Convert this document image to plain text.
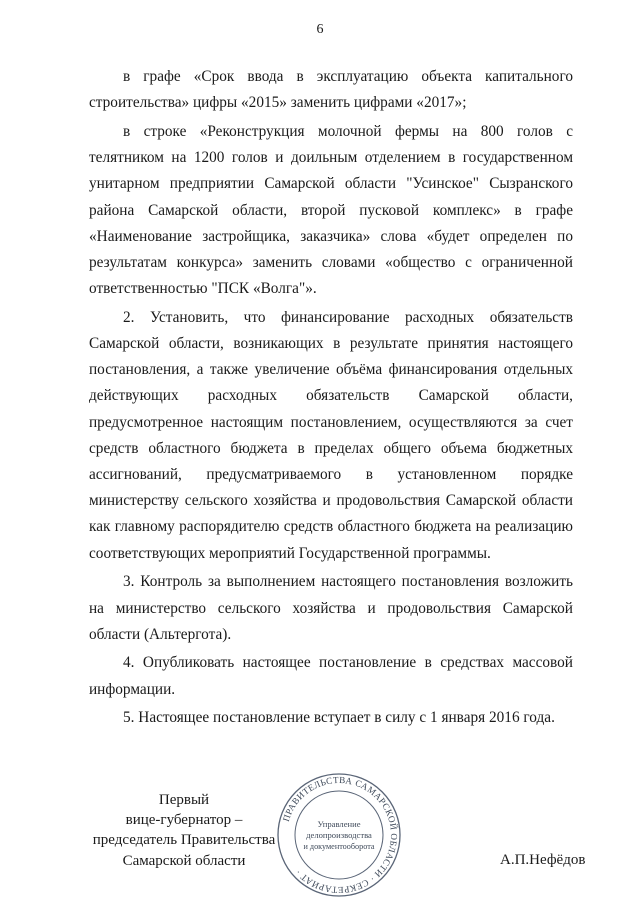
6

в графе «Срок ввода в эксплуатацию объекта капитального строительства» цифры «2015» заменить цифрами «2017»;

в строке «Реконструкция молочной фермы на 800 голов с телятником на 1200 голов и доильным отделением в государственном унитарном предприятии Самарской области "Усинское" Сызранского района Самарской области, второй пусковой комплекс» в графе «Наименование застройщика, заказчика» слова «будет определен по результатам конкурса» заменить словами «общество с ограниченной ответственностью "ПСК «Волга"».

2. Установить, что финансирование расходных обязательств Самарской области, возникающих в результате принятия настоящего постановления, а также увеличение объёма финансирования отдельных действующих расходных обязательств Самарской области, предусмотренное настоящим постановлением, осуществляются за счет средств областного бюджета в пределах общего объема бюджетных ассигнований, предусматриваемого в установленном порядке министерству сельского хозяйства и продовольствия Самарской области как главному распорядителю средств областного бюджета на реализацию соответствующих мероприятий Государственной программы.

3. Контроль за выполнением настоящего постановления возложить на министерство сельского хозяйства и продовольствия Самарской области (Альтергота).

4. Опубликовать настоящее постановление в средствах массовой информации.

5. Настоящее постановление вступает в силу с 1 января 2016 года.

Первый
вице-губернатор –
председатель Правительства
Самарской области
ПРАВИТЕЛЬСТВА САМАРСКОЙ ОБЛАСТИ · СЕКРЕТАРИАТ ·
Управление
делопроизводства
и документооборота
А.П.Нефёдов
